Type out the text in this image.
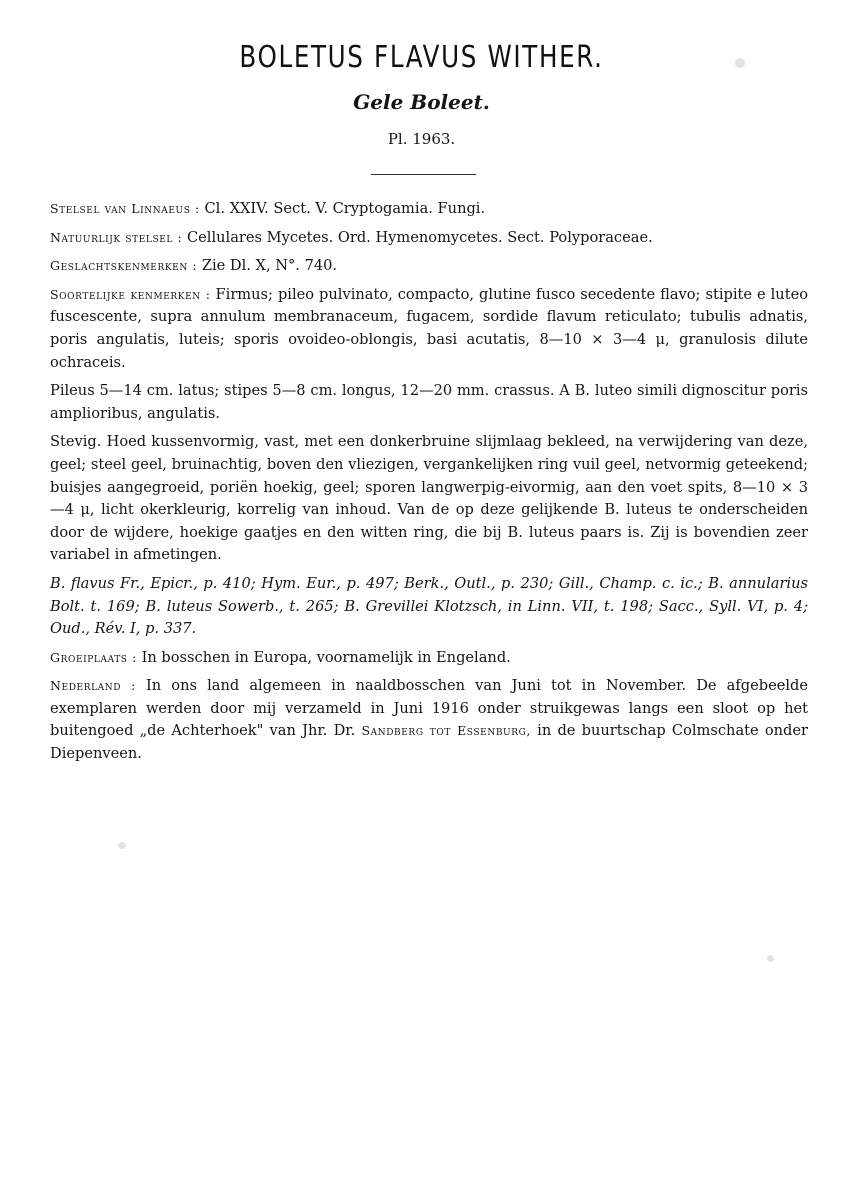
BOLETUS FLAVUS WITHER.
Gele Boleet.
Pl. 1963.

Stelsel van Linnaeus : Cl. XXIV. Sect. V. Cryptogamia. Fungi.

Natuurlijk stelsel : Cellulares Mycetes. Ord. Hymenomycetes. Sect. Polyporaceae.

Geslachtskenmerken : Zie Dl. X, N°. 740.

Soortelijke kenmerken : Firmus; pileo pulvinato, compacto, glutine fusco secedente flavo; stipite e luteo fuscescente, supra annulum membranaceum, fugacem, sordide flavum reticulato; tubulis adnatis, poris angulatis, luteis; sporis ovoideo-oblongis, basi acutatis, 8—10 × 3—4 μ, granulosis dilute ochraceis.

Pileus 5—14 cm. latus; stipes 5—8 cm. longus, 12—20 mm. crassus. A B. luteo simili dignoscitur poris amplioribus, angulatis.

Stevig. Hoed kussenvormig, vast, met een donkerbruine slijmlaag bekleed, na verwijdering van deze, geel; steel geel, bruinachtig, boven den vliezigen, vergankelijken ring vuil geel, netvormig geteekend; buisjes aangegroeid, poriën hoekig, geel; sporen langwerpig-eivormig, aan den voet spits, 8—10 × 3—4 μ, licht okerkleurig, korrelig van inhoud. Van de op deze gelijkende B. luteus te onderscheiden door de wijdere, hoekige gaatjes en den witten ring, die bij B. luteus paars is. Zij is bovendien zeer variabel in afmetingen.

B. flavus Fr., Epicr., p. 410; Hym. Eur., p. 497; Berk., Outl., p. 230; Gill., Champ. c. ic.; B. annularius Bolt. t. 169; B. luteus Sowerb., t. 265; B. Grevillei Klotzsch, in Linn. VII, t. 198; Sacc., Syll. VI, p. 4; Oud., Rév. I, p. 337.

Groeiplaats : In bosschen in Europa, voornamelijk in Engeland.

Nederland : In ons land algemeen in naaldbosschen van Juni tot in November. De afgebeelde exemplaren werden door mij verzameld in Juni 1916 onder struikgewas langs een sloot op het buitengoed „de Achterhoek" van Jhr. Dr. Sandberg tot Essenburg, in de buurtschap Colmschate onder Diepenveen.
